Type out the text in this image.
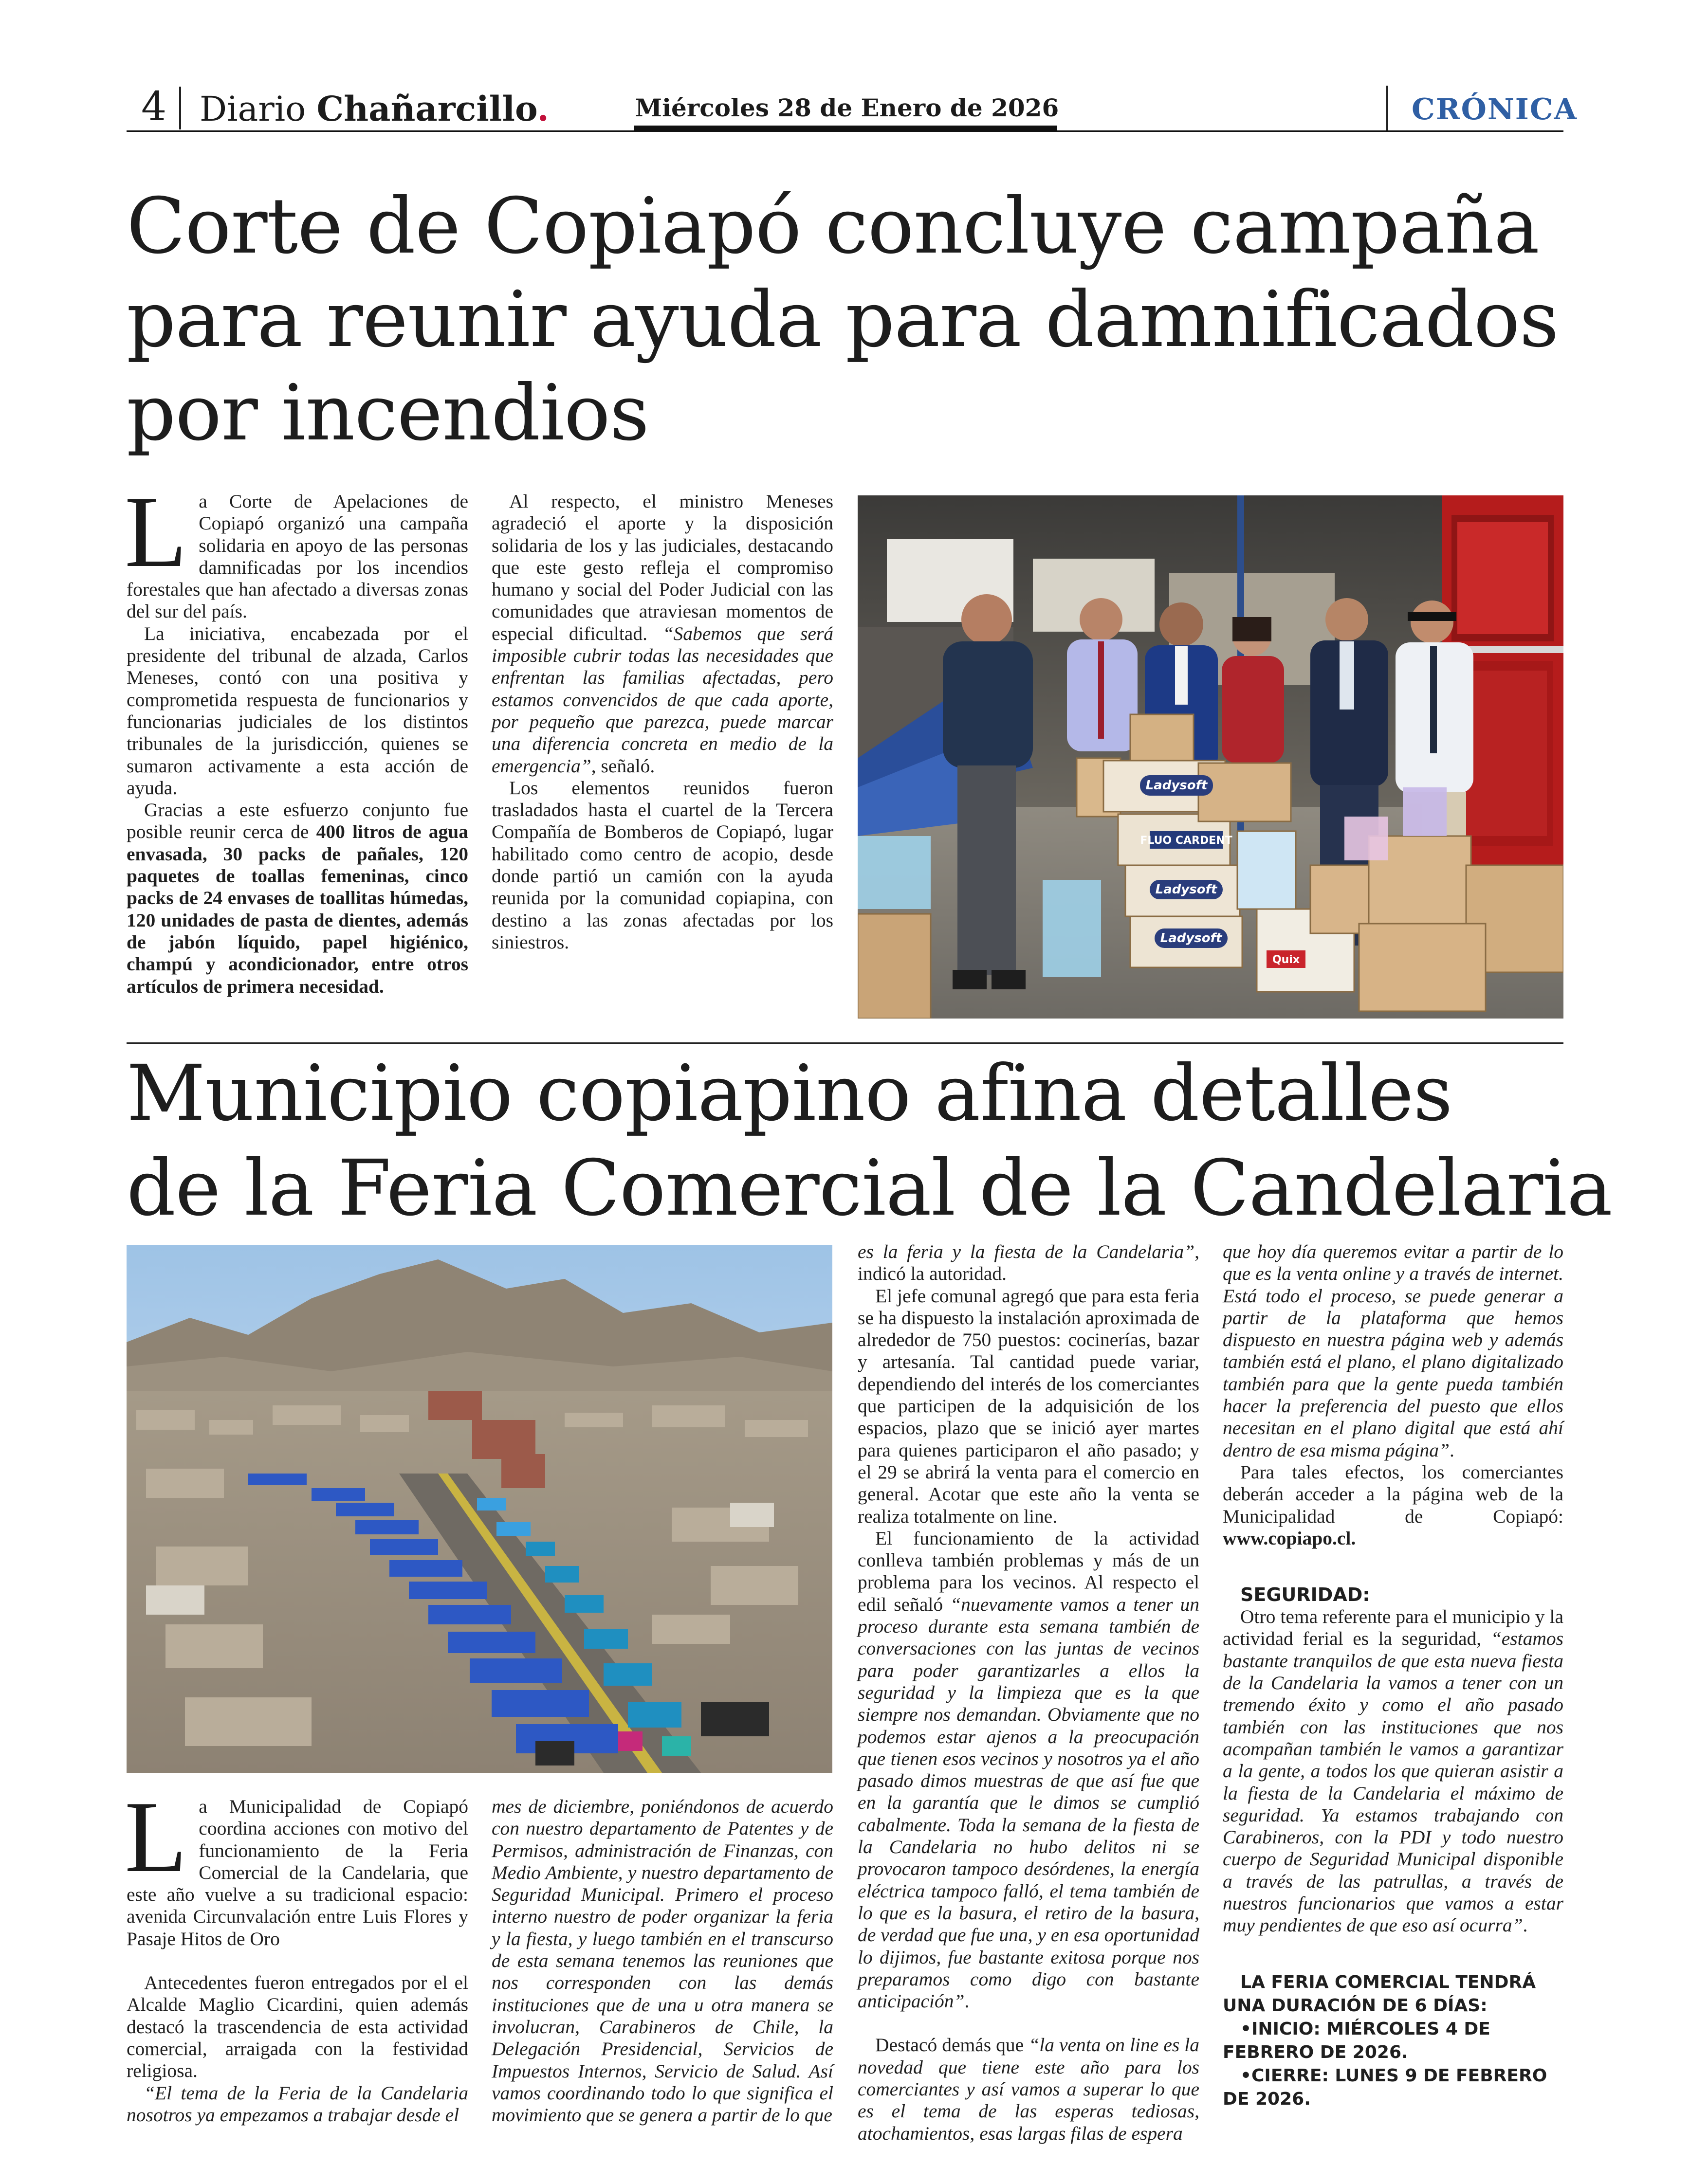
4 Diario Chañarcillo.	Miércoles 28 de Enero de 2026	CRÓNICA
Corte de Copiapó concluye campaña
para reunir ayuda para damnificados
por incendios

La Corte de Apelaciones de Copiapó organizó una campaña solidaria en apoyo de las personas damnificadas por los incendios forestales que han afectado a diversas zonas del sur del país.

La iniciativa, encabezada por el presidente del tribunal de alzada, Carlos Meneses, contó con una positiva y comprometida respuesta de funcionarios y funcionarias judiciales de los distintos tribunales de la jurisdicción, quienes se sumaron activamente a esta acción de ayuda.

Gracias a este esfuerzo conjunto fue posible reunir cerca de 400 litros de agua envasada, 30 packs de pañales, 120 paquetes de toallas femeninas, cinco packs de 24 envases de toallitas húmedas, 120 unidades de pasta de dientes, además de jabón líquido, papel higiénico, champú y acondicionador, entre otros artículos de primera necesidad.

Al respecto, el ministro Meneses agradeció el aporte y la disposición solidaria de los y las judiciales, destacando que este gesto refleja el compromiso humano y social del Poder Judicial con las comunidades que atraviesan momentos de especial dificultad. “Sabemos que será imposible cubrir todas las necesidades que enfrentan las familias afectadas, pero estamos convencidos de que cada aporte, por pequeño que parezca, puede marcar una diferencia concreta en medio de la emergencia”, señaló.

Los elementos reunidos fueron trasladados hasta el cuartel de la Tercera Compañía de Bomberos de Copiapó, lugar habilitado como centro de acopio, desde donde partió un camión con la ayuda reunida por la comunidad copiapina, con destino a las zonas afectadas por los siniestros.

Ladysoft
FLUO CARDENT
Ladysoft
Ladysoft
Quix
Municipio copiapino afina detalles
de la Feria Comercial de la Candelaria

La Municipalidad de Copiapó coordina acciones con motivo del funcionamiento de la Feria Comercial de la Candelaria, que este año vuelve a su tradicional espacio: avenida Circunvalación entre Luis Flores y Pasaje Hitos de Oro

Antecedentes fueron entregados por el el Alcalde Maglio Cicardini, quien además destacó la trascendencia de esta actividad comercial, arraigada con la festividad religiosa.

“El tema de la Feria de la Candelaria nosotros ya empezamos a trabajar desde el

mes de diciembre, poniéndonos de acuerdo con nuestro departamento de Patentes y de Permisos, administración de Finanzas, con Medio Ambiente, y nuestro departamento de Seguridad Municipal. Primero el proceso interno nuestro de poder organizar la feria y la fiesta, y luego también en el transcurso de esta semana tenemos las reuniones que nos corresponden con las demás instituciones que de una u otra manera se involucran, Carabineros de Chile, la Delegación Presidencial, Servicios de Impuestos Internos, Servicio de Salud. Así vamos coordinando todo lo que significa el movimiento que se genera a partir de lo que

es la feria y la fiesta de la Candelaria”, indicó la autoridad.

El jefe comunal agregó que para esta feria se ha dispuesto la instalación aproximada de alrededor de 750 puestos: cocinerías, bazar y artesanía. Tal cantidad puede variar, dependiendo del interés de los comerciantes que participen de la adquisición de los espacios, plazo que se inició ayer martes para quienes participaron el año pasado; y el 29 se abrirá la venta para el comercio en general. Acotar que este año la venta se realiza totalmente on line.

El funcionamiento de la actividad conlleva también problemas y más de un problema para los vecinos. Al respecto el edil señaló “nuevamente vamos a tener un proceso durante esta semana también de conversaciones con las juntas de vecinos para poder garantizarles a ellos la seguridad y la limpieza que es la que siempre nos demandan. Obviamente que no podemos estar ajenos a la preocupación que tienen esos vecinos y nosotros ya el año pasado dimos muestras de que así fue que en la garantía que le dimos se cumplió cabalmente. Toda la semana de la fiesta de la Candelaria no hubo delitos ni se provocaron tampoco desórdenes, la energía eléctrica tampoco falló, el tema también de lo que es la basura, el retiro de la basura, de verdad que fue una, y en esa oportunidad lo dijimos, fue bastante exitosa porque nos preparamos como digo con bastante anticipación”.

Destacó demás que “la venta on line es la novedad que tiene este año para los comerciantes y así vamos a superar lo que es el tema de las esperas tediosas, atochamientos, esas largas filas de espera

que hoy día queremos evitar a partir de lo que es la venta online y a través de internet. Está todo el proceso, se puede generar a partir de la plataforma que hemos dispuesto en nuestra página web y además también está el plano, el plano digitalizado también para que la gente pueda también hacer la preferencia del puesto que ellos necesitan en el plano digital que está ahí dentro de esa misma página”.

Para tales efectos, los comerciantes deberán acceder a la página web de la Municipalidad de Copiapó: www.copiapo.cl.

SEGURIDAD:

Otro tema referente para el municipio y la actividad ferial es la seguridad, “estamos bastante tranquilos de que esta nueva fiesta de la Candelaria la vamos a tener con un tremendo éxito y como el año pasado también con las instituciones que nos acompañan también le vamos a garantizar a la gente, a todos los que quieran asistir a la fiesta de la Candelaria el máximo de seguridad. Ya estamos trabajando con Carabineros, con la PDI y todo nuestro cuerpo de Seguridad Municipal disponible a través de las patrullas, a través de nuestros funcionarios que vamos a estar muy pendientes de que eso así ocurra”.

LA FERIA COMERCIAL TENDRÁ UNA DURACIÓN DE 6 DÍAS:

•INICIO: MIÉRCOLES 4 DE FEBRERO DE 2026.

•CIERRE: LUNES 9 DE FEBRERO DE 2026.
